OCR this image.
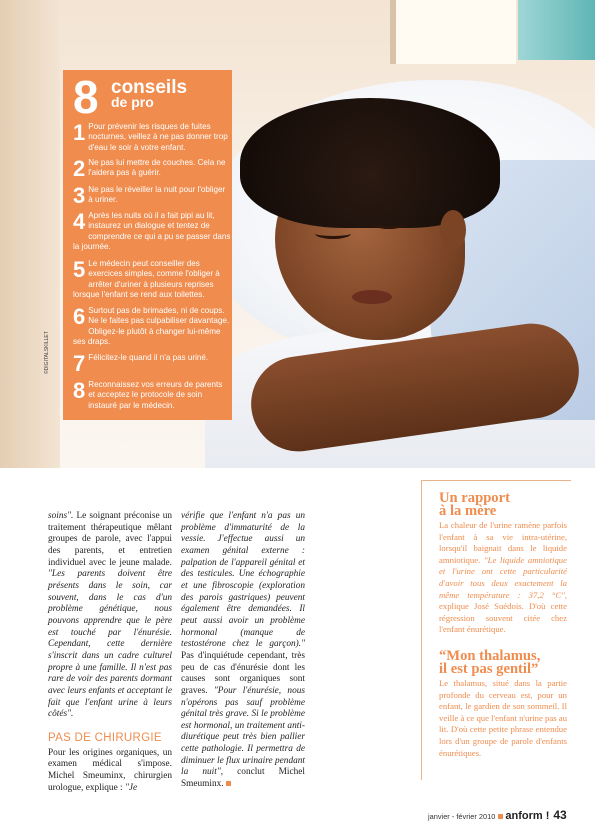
8 conseils
de pro
1 Pour prévenir les risques de fuites nocturnes, veillez à ne pas donner trop d'eau le soir à votre enfant.
2 Ne pas lui mettre de couches. Cela ne l'aidera pas à guérir.
3 Ne pas le réveiller la nuit pour l'obliger à uriner.
4 Après les nuits où il a fait pipi au lit, instaurez un dialogue et tentez de comprendre ce qui a pu se passer dans la journée.
5 Le médecin peut conseiller des exercices simples, comme l'obliger à arrêter d'uriner à plusieurs reprises lorsque l'enfant se rend aux toilettes.
6 Surtout pas de brimades, ni de coups. Ne le faites pas culpabiliser davantage. Obligez-le plutôt à changer lui-même ses draps.
7 Félicitez-le quand il n'a pas uriné.
8 Reconnaissez vos erreurs de parents et acceptez le protocole de soin instauré par le médecin.
©DIGITALSKILLET

soins". Le soignant préconise un traitement thérapeutique mêlant groupes de parole, avec l'appui des parents, et entretien individuel avec le jeune malade. "Les parents doivent être présents dans le soin, car souvent, dans le cas d'un problème génétique, nous pouvons apprendre que le père est touché par l'énurésie. Cependant, cette dernière s'inscrit dans un cadre culturel propre à une famille. Il n'est pas rare de voir des parents dormant avec leurs enfants et acceptant le fait que l'enfant urine à leurs côtés".

PAS DE CHIRURGIE

Pour les origines organiques, un examen médical s'impose. Michel Smeuminx, chirurgien urologue, explique : "Je

vérifie que l'enfant n'a pas un problème d'immaturité de la vessie. J'effectue aussi un examen génital externe : palpation de l'appareil génital et des testicules. Une échographie et une fibroscopie (exploration des parois gastriques) peuvent également être demandées. Il peut aussi avoir un problème hormonal (manque de testostérone chez le garçon)." Pas d'inquiétude cependant, très peu de cas d'énurésie dont les causes sont organiques sont graves. "Pour l'énurésie, nous n'opérons pas sauf problème génital très grave. Si le problème est hormonal, un traitement anti-diurétique peut très bien pallier cette pathologie. Il permettra de diminuer le flux urinaire pendant la nuit", conclut Michel Smeuminx.

Un rapport
à la mère
La chaleur de l'urine ramène parfois l'enfant à sa vie intra-utérine, lorsqu'il baignait dans le liquide amniotique. "Le liquide amniotique et l'urine ont cette particularité d'avoir tous deux exactement la même température : 37,2 °C", explique José Suédois. D'où cette régression souvent citée chez l'enfant énurétique.
“Mon thalamus,
il est pas gentil”
Le thalamus, situé dans la partie profonde du cerveau est, pour un enfant, le gardien de son sommeil. Il veille à ce que l'enfant n'urine pas au lit. D'où cette petite phrase entendue lors d'un groupe de parole d'enfants énurétiques.
janvier - février 2010 anform ! 43
